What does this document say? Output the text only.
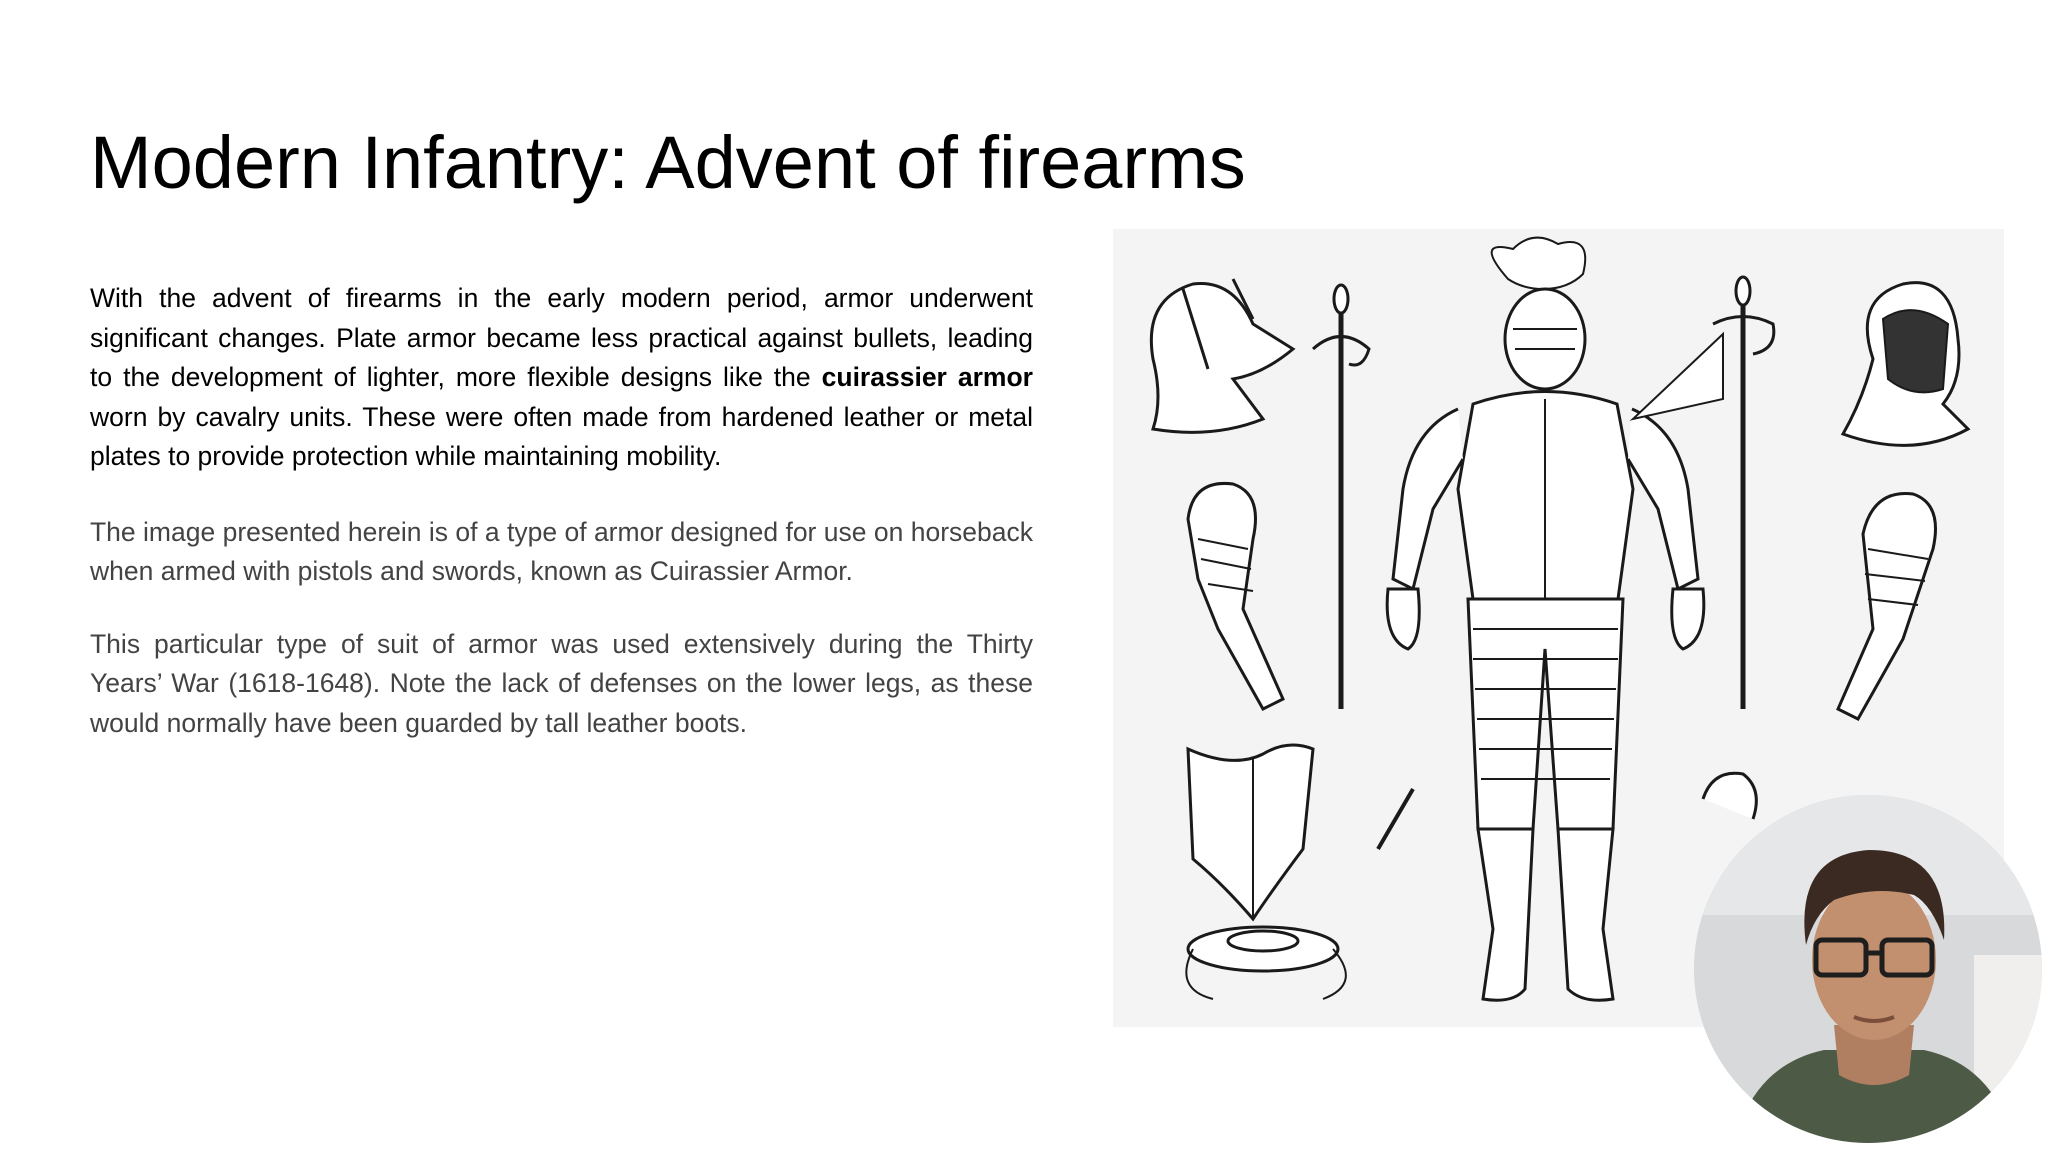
Modern Infantry: Advent of firearms

With the advent of firearms in the early modern period, armor underwent significant changes. Plate armor became less practical against bullets, leading to the development of lighter, more flexible designs like the cuirassier armor worn by cavalry units. These were often made from hardened leather or metal plates to provide protection while maintaining mobility.

The image presented herein is of a type of armor designed for use on horseback when armed with pistols and swords, known as Cuirassier Armor.

This particular type of suit of armor was used extensively during the Thirty Years’ War (1618-1648). Note the lack of defenses on the lower legs, as these would normally have been guarded by tall leather boots.
